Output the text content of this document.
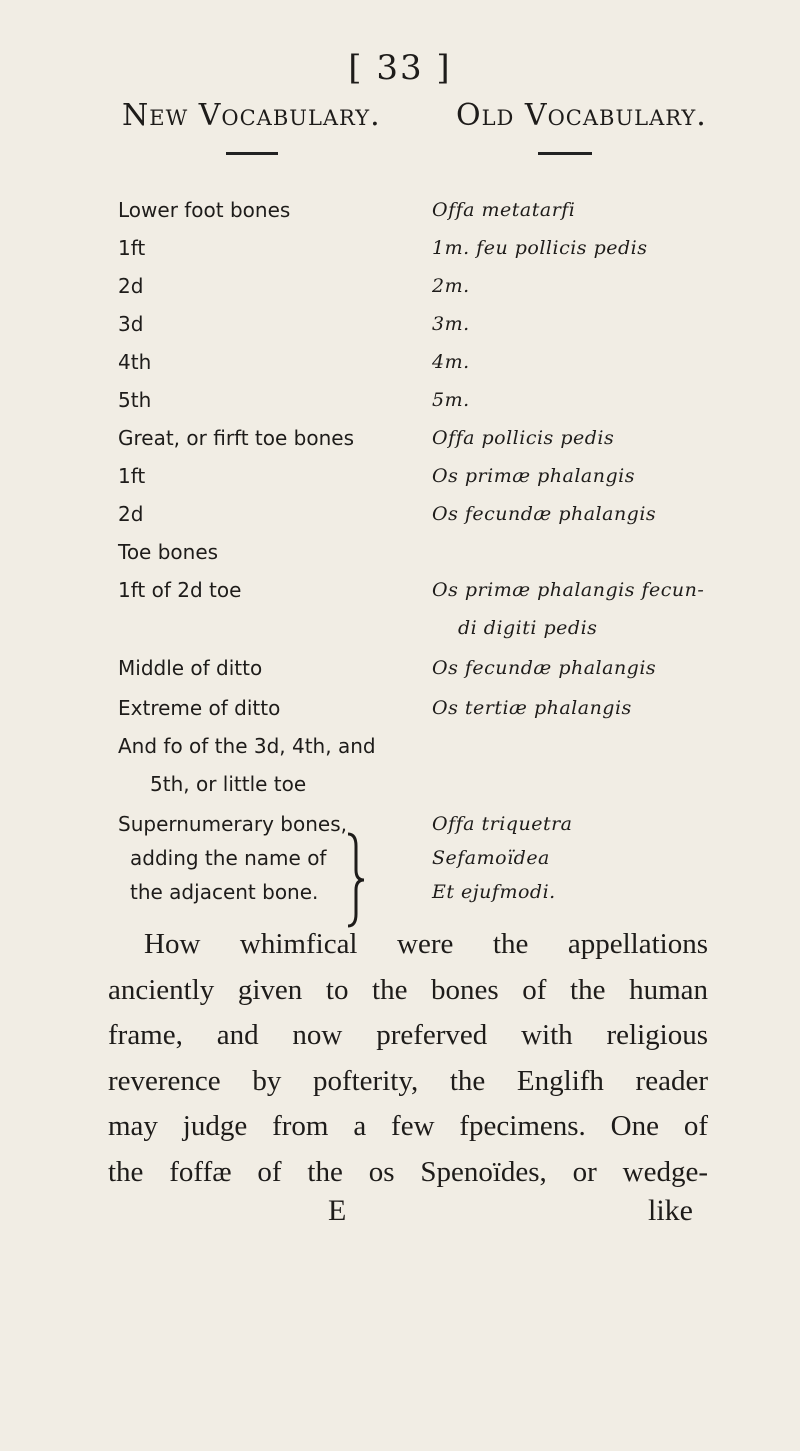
[ 33 ]
New Vocabulary.	Old Vocabulary.
Lower foot bones	Offa metatarfi
1ft	1m. feu pollicis pedis
2d	2m.
3d	3m.
4th	4m.
5th	5m.
Great, or firft toe bones	Offa pollicis pedis
1ft	Os primæ phalangis
2d	Os fecundæ phalangis
Toe bones
1ft of 2d toe	Os primæ phalangis fecun-
di digiti pedis
Middle of ditto	Os fecundæ phalangis
Extreme of ditto	Os tertiæ phalangis
And fo of the 3d, 4th, and
5th, or little toe
Supernumerary bones,	Offa triquetra
adding the name of	Sefamoïdea
the adjacent bone.	Et ejufmodi.

How whimfical were the appellations

anciently given to the bones of the human

frame, and now preferved with religious

reverence by pofterity, the Englifh reader

may judge from a few fpecimens. One of

the foffæ of the os Spenoïdes, or wedge-

E	like
